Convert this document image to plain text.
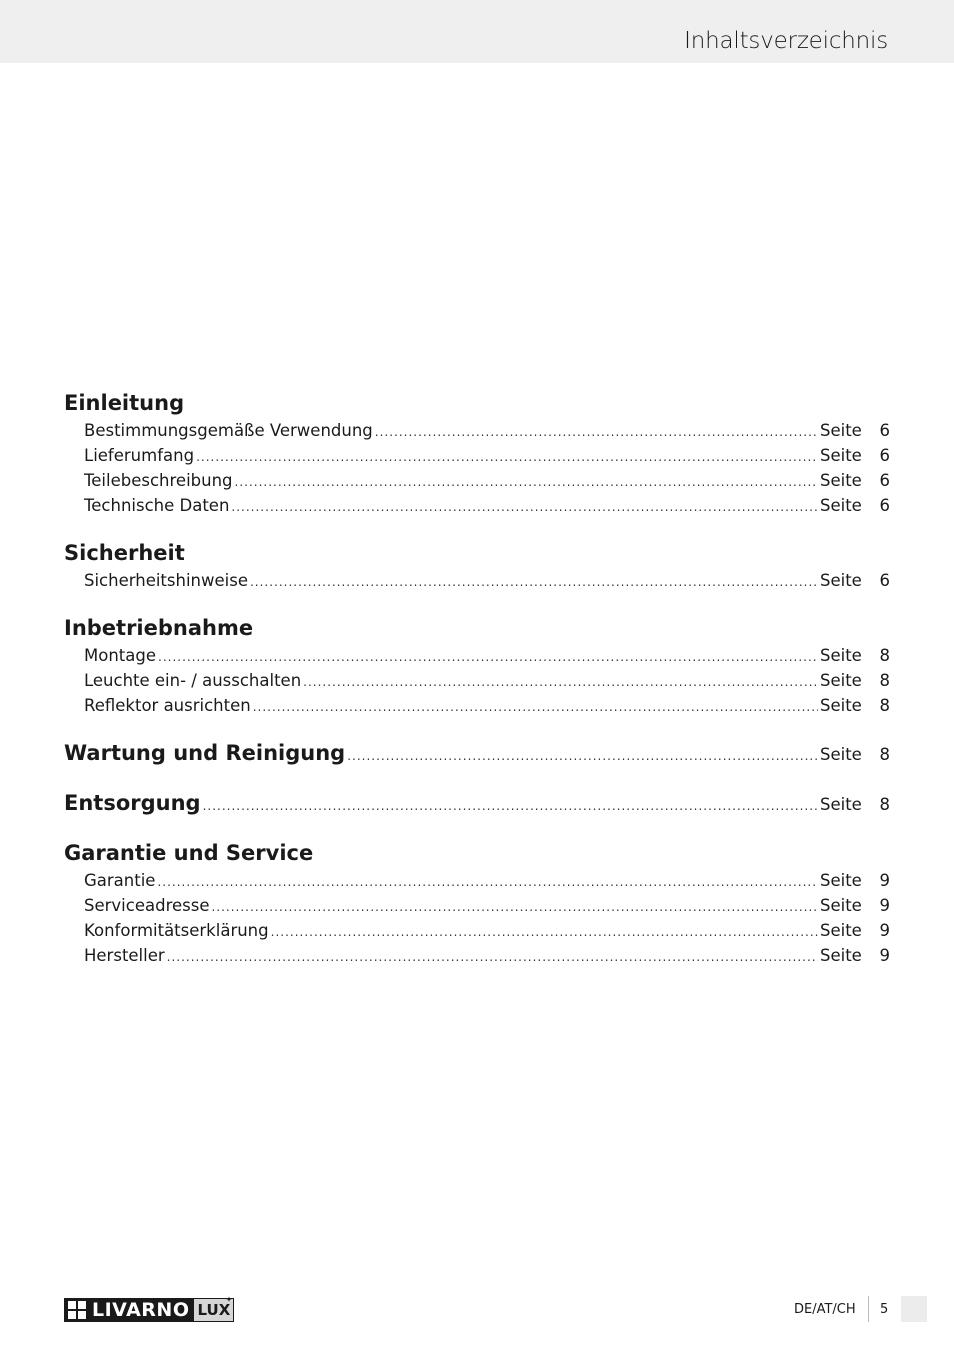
Inhaltsverzeichnis
Einleitung
Bestimmungsgemäße Verwendung .....	Seite	6
Lieferumfang .....	Seite	6
Teilebeschreibung .....	Seite	6
Technische Daten .....	Seite	6
Sicherheit
Sicherheitshinweise .....	Seite	6
Inbetriebnahme
Montage .....	Seite	8
Leuchte ein- / ausschalten .....	Seite	8
Reflektor ausrichten .....	Seite	8
Wartung und Reinigung .....	Seite	8
Entsorgung .....	Seite	8
Garantie und Service
Garantie .....	Seite	9
Serviceadresse .....	Seite	9
Konformitätserklärung .....	Seite	9
Hersteller .....	Seite	9
LIVARNO LUX
✦
DE/AT/CH 5
